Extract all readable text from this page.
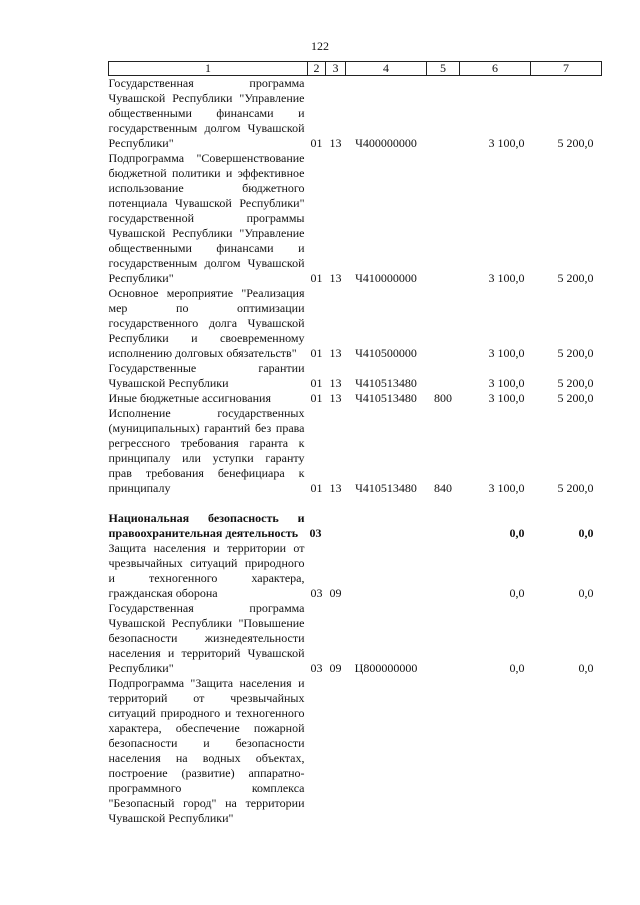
122
1	2	3	4	5	6	7
Государственная программа Чувашской Республики "Управление общественными финансами и государственным долгом Чувашской Республики"	01	13	Ч400000000		3 100,0	5 200,0
Подпрограмма "Совершенствование бюджетной политики и эффективное использование бюджетного потенциала Чувашской Республики" государственной программы Чувашской Республики "Управление общественными финансами и государственным долгом Чувашской Республики"	01	13	Ч410000000		3 100,0	5 200,0
Основное мероприятие "Реализация мер по оптимизации государственного долга Чувашской Республики и своевременному исполнению долговых обязательств"	01	13	Ч410500000		3 100,0	5 200,0
Государственные гарантии Чувашской Республики	01	13	Ч410513480		3 100,0	5 200,0
Иные бюджетные ассигнования	01	13	Ч410513480	800	3 100,0	5 200,0
Исполнение государственных (муниципальных) гарантий без права регрессного требования гаранта к принципалу или уступки гаранту прав требования бенефициара к принципалу	01	13	Ч410513480	840	3 100,0	5 200,0

Национальная безопасность и правоохранительная деятельность	03				0,0	0,0
Защита населения и территории от чрезвычайных ситуаций природного и техногенного характера, гражданская оборона	03	09			0,0	0,0
Государственная программа Чувашской Республики "Повышение безопасности жизнедеятельности населения и территорий Чувашской Республики"	03	09	Ц800000000		0,0	0,0
Подпрограмма "Защита населения и территорий от чрезвычайных ситуаций природного и техногенного характера, обеспечение пожарной безопасности и безопасности населения на водных объектах, построение (развитие) аппаратно-программного комплекса "Безопасный город" на территории Чувашской Республики"						
